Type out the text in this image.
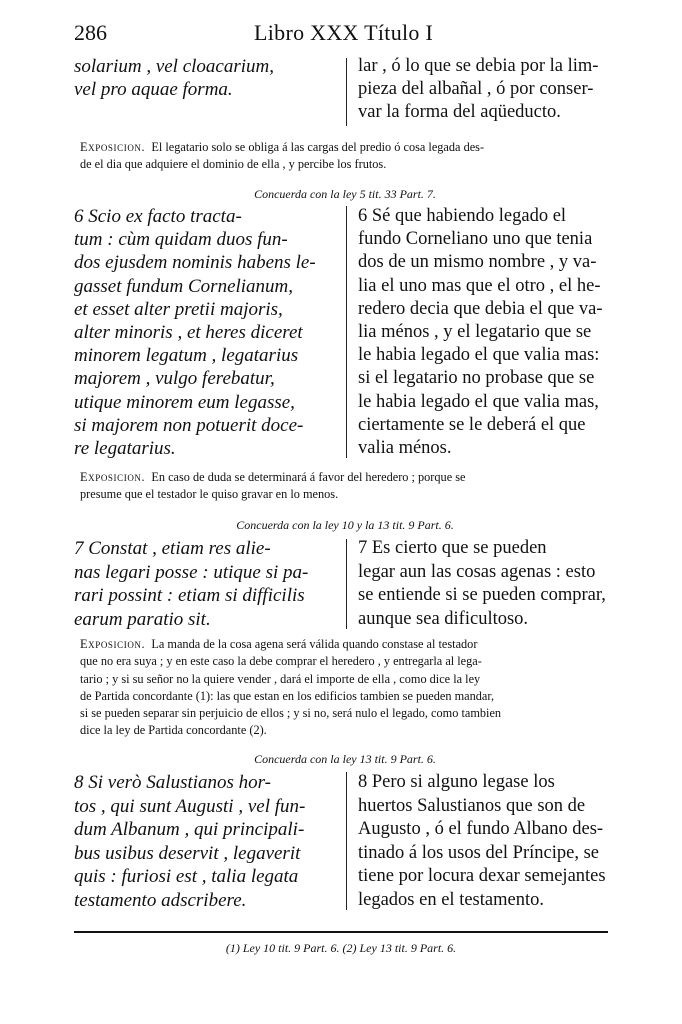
286	Libro XXX Título I
solarium , vel cloacarium,
vel pro aquae forma.
lar , ó lo que se debia por la lim-
pieza del albañal , ó por conser-
var la forma del aqüeducto.
Exposicion. El legatario solo se obliga á las cargas del predio ó cosa legada des-
de el dia que adquiere el dominio de ella , y percibe los frutos.
Concuerda con la ley 5 tit. 33 Part. 7.
6 Scio ex facto tracta-
tum : cùm quidam duos fun-
dos ejusdem nominis habens le-
gasset fundum Cornelianum,
et esset alter pretii majoris,
alter minoris , et heres diceret
minorem legatum , legatarius
majorem , vulgo ferebatur,
utique minorem eum legasse,
si majorem non potuerit doce-
re legatarius.
6 Sé que habiendo legado el
fundo Corneliano uno que tenia
dos de un mismo nombre , y va-
lia el uno mas que el otro , el he-
redero decia que debia el que va-
lia ménos , y el legatario que se
le habia legado el que valia mas:
si el legatario no probase que se
le habia legado el que valia mas,
ciertamente se le deberá el que
valia ménos.
Exposicion. En caso de duda se determinará á favor del heredero ; porque se
presume que el testador le quiso gravar en lo menos.
Concuerda con la ley 10 y la 13 tit. 9 Part. 6.
7 Constat , etiam res alie-
nas legari posse : utique si pa-
rari possint : etiam si difficilis
earum paratio sit.
7 Es cierto que se pueden
legar aun las cosas agenas : esto
se entiende si se pueden comprar,
aunque sea dificultoso.
Exposicion. La manda de la cosa agena será válida quando constase al testador
que no era suya ; y en este caso la debe comprar el heredero , y entregarla al lega-
tario ; y si su señor no la quiere vender , dará el importe de ella , como dice la ley
de Partida concordante (1): las que estan en los edificios tambien se pueden mandar,
si se pueden separar sin perjuicio de ellos ; y si no, será nulo el legado, como tambien
dice la ley de Partida concordante (2).
Concuerda con la ley 13 tit. 9 Part. 6.
8 Si verò Salustianos hor-
tos , qui sunt Augusti , vel fun-
dum Albanum , qui principali-
bus usibus deservit , legaverit
quis : furiosi est , talia legata
testamento adscribere.
8 Pero si alguno legase los
huertos Salustianos que son de
Augusto , ó el fundo Albano des-
tinado á los usos del Príncipe, se
tiene por locura dexar semejantes
legados en el testamento.
(1) Ley 10 tit. 9 Part. 6. (2) Ley 13 tit. 9 Part. 6.
